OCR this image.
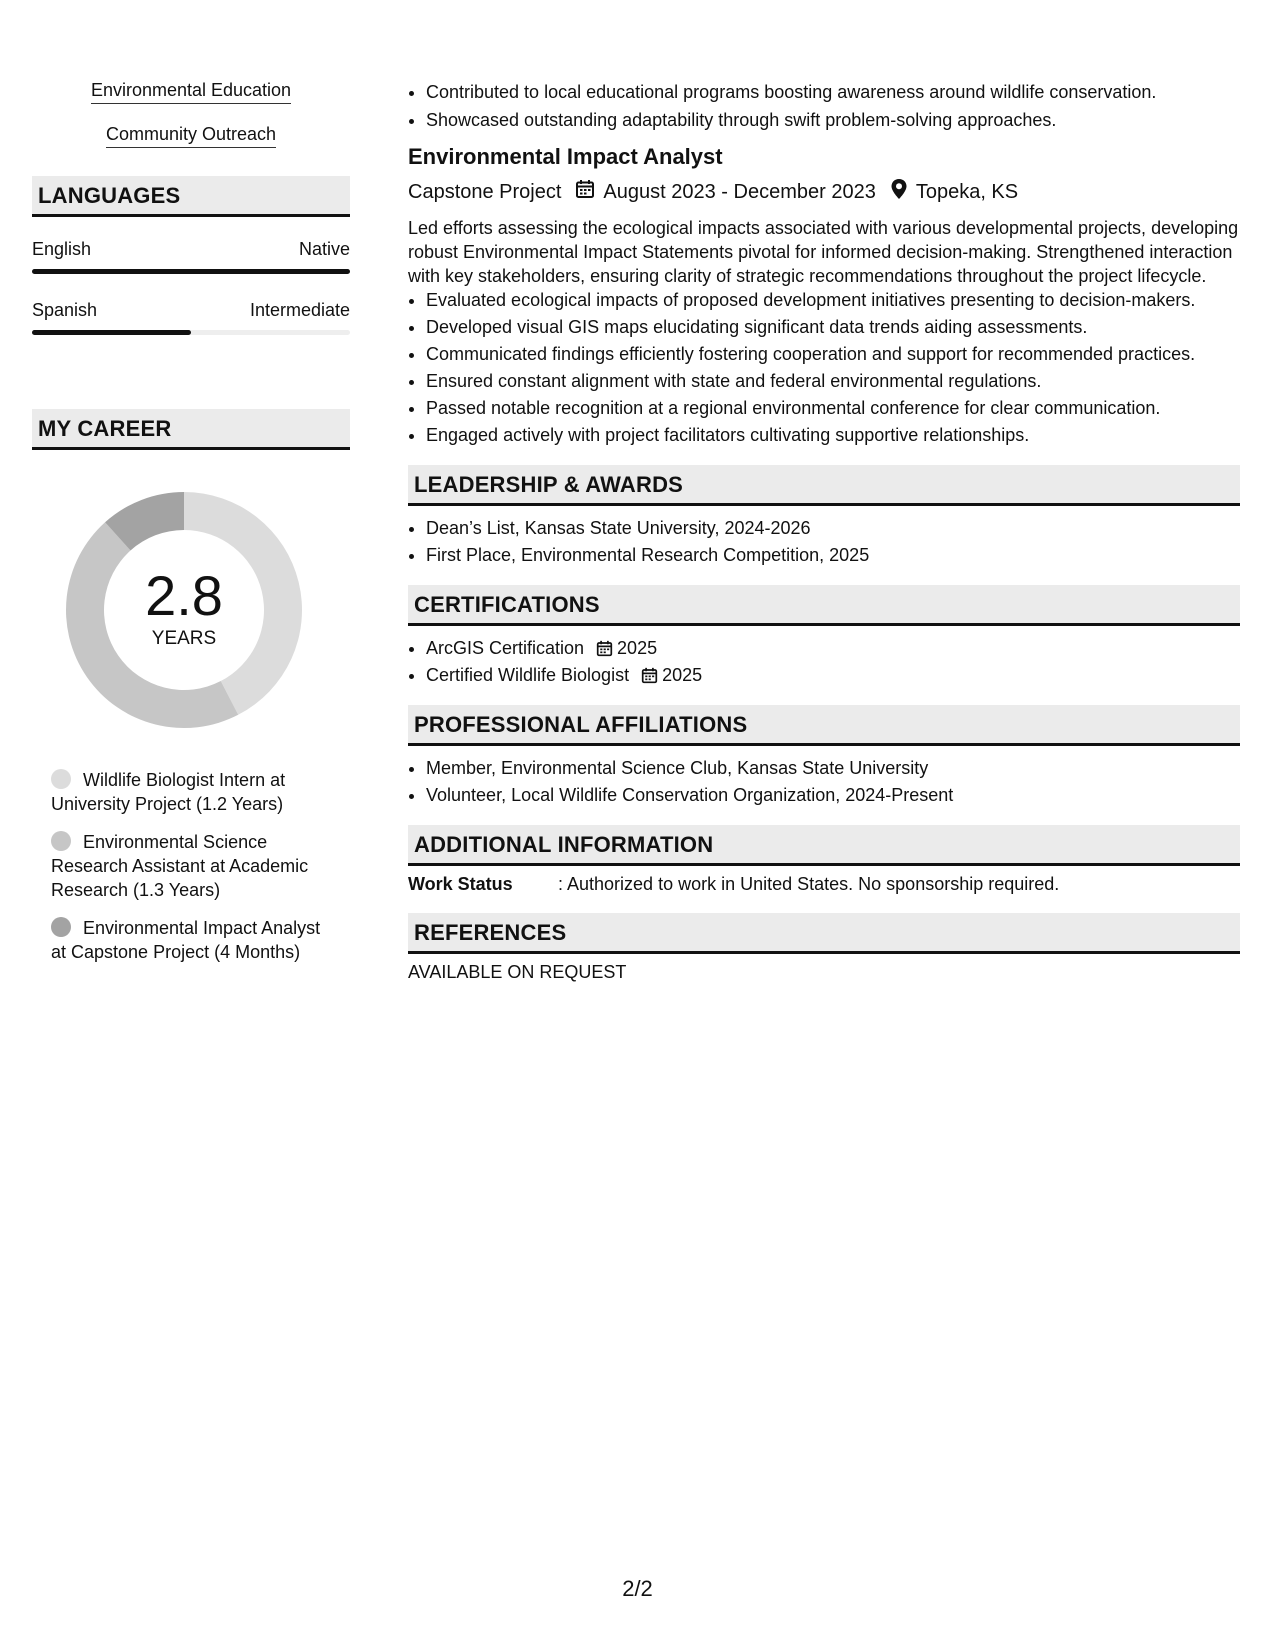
Environmental Education
Community Outreach
LANGUAGES
English	Native
Spanish	Intermediate
MY CAREER
2.8
YEARS
Wildlife Biologist Intern at University Project (1.2 Years)
Environmental Science Research Assistant at Academic Research (1.3 Years)
Environmental Impact Analyst at Capstone Project (4 Months)
• Contributed to local educational programs boosting awareness around wildlife conservation.
• Showcased outstanding adaptability through swift problem-solving approaches.
Environmental Impact Analyst
Capstone Project August 2023 - December 2023 Topeka, KS
Led efforts assessing the ecological impacts associated with various developmental projects, developing robust Environmental Impact Statements pivotal for informed decision-making. Strengthened interaction with key stakeholders, ensuring clarity of strategic recommendations throughout the project lifecycle.
• Evaluated ecological impacts of proposed development initiatives presenting to decision-makers.
• Developed visual GIS maps elucidating significant data trends aiding assessments.
• Communicated findings efficiently fostering cooperation and support for recommended practices.
• Ensured constant alignment with state and federal environmental regulations.
• Passed notable recognition at a regional environmental conference for clear communication.
• Engaged actively with project facilitators cultivating supportive relationships.
LEADERSHIP & AWARDS
• Dean’s List, Kansas State University, 2024-2026
• First Place, Environmental Research Competition, 2025
CERTIFICATIONS
• ArcGIS Certification 2025
• Certified Wildlife Biologist 2025
PROFESSIONAL AFFILIATIONS
• Member, Environmental Science Club, Kansas State University
• Volunteer, Local Wildlife Conservation Organization, 2024-Present
ADDITIONAL INFORMATION
Work Status	: Authorized to work in United States. No sponsorship required.
REFERENCES
AVAILABLE ON REQUEST
2/2
